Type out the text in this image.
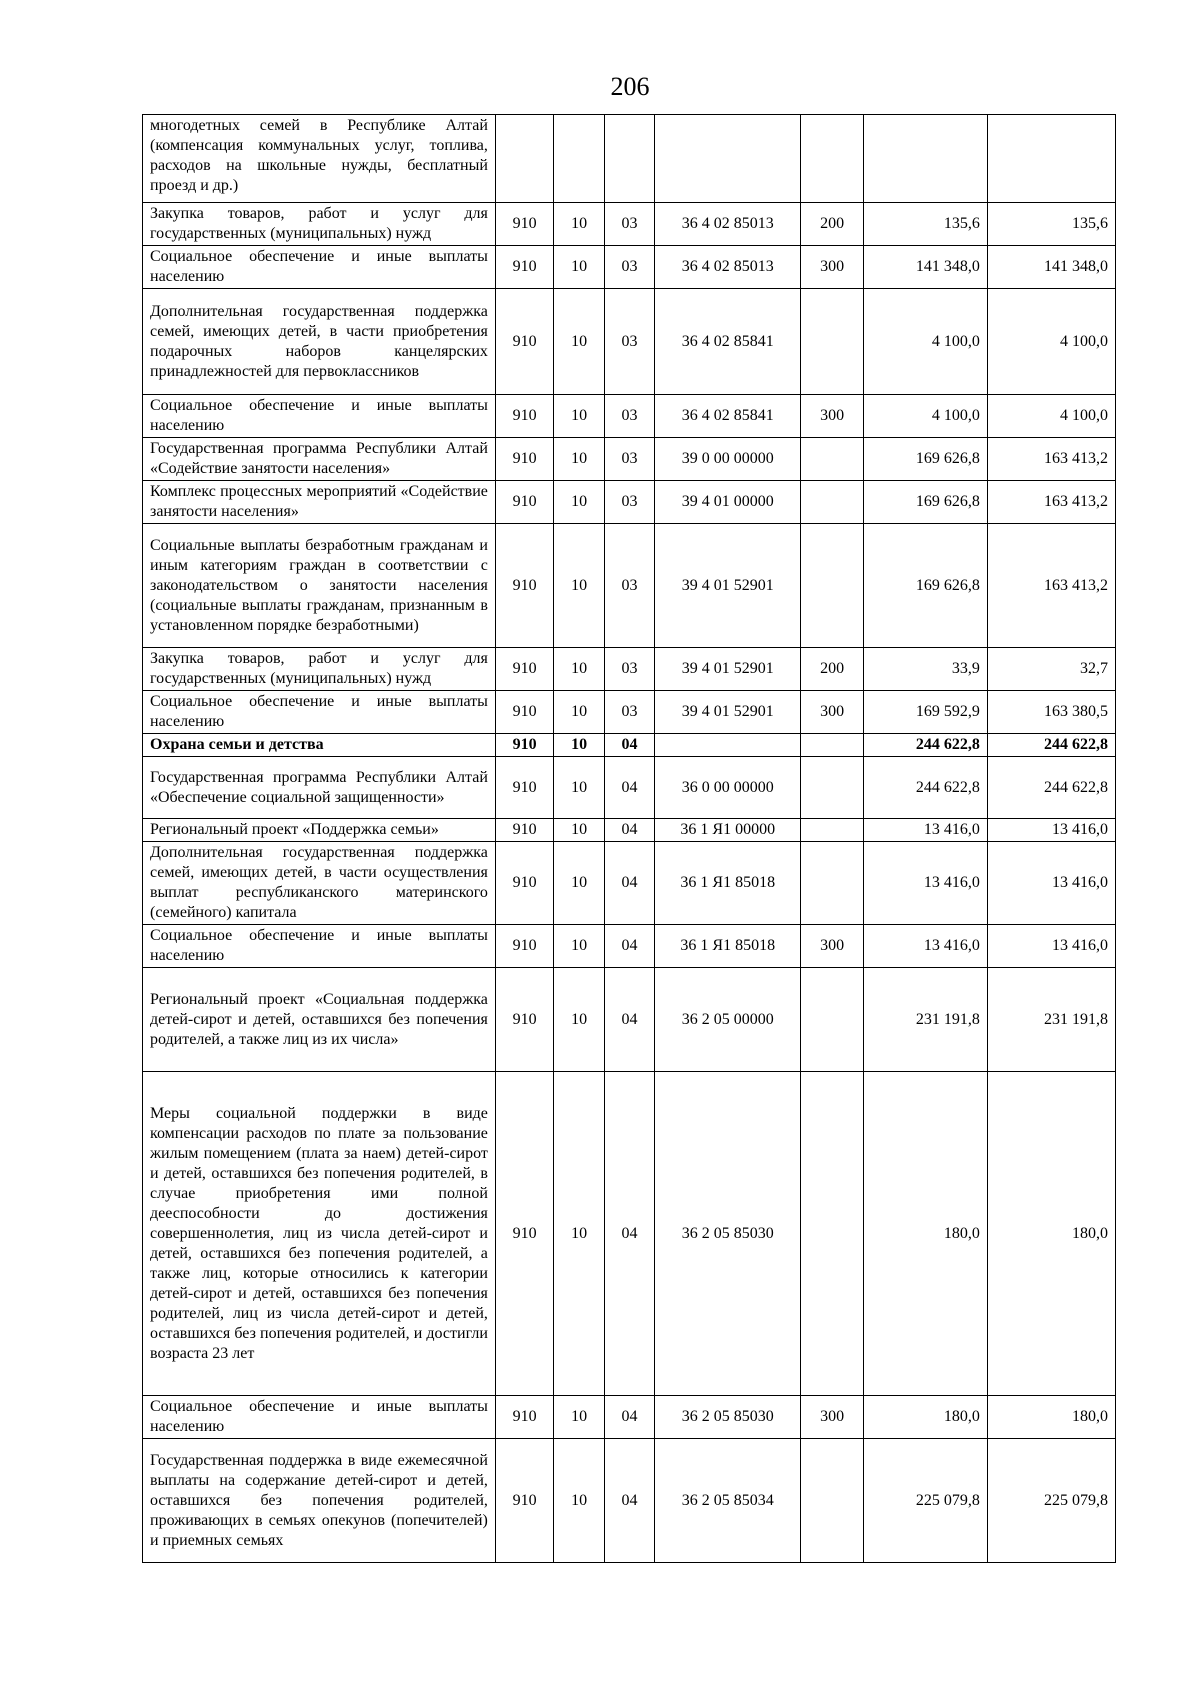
206
многодетных семей в Республике Алтай (компенсация коммунальных услуг, топлива, расходов на школьные нужды, бесплатный проезд и др.)							
Закупка товаров, работ и услуг для государственных (муниципальных) нужд	910	10	03	36 4 02 85013	200	135,6	135,6
Социальное обеспечение и иные выплаты населению	910	10	03	36 4 02 85013	300	141 348,0	141 348,0
Дополнительная государственная поддержка семей, имеющих детей, в части приобретения подарочных наборов канцелярских принадлежностей для первоклассников	910	10	03	36 4 02 85841		4 100,0	4 100,0
Социальное обеспечение и иные выплаты населению	910	10	03	36 4 02 85841	300	4 100,0	4 100,0
Государственная программа Республики Алтай «Содействие занятости населения»	910	10	03	39 0 00 00000		169 626,8	163 413,2
Комплекс процессных мероприятий «Содействие занятости населения»	910	10	03	39 4 01 00000		169 626,8	163 413,2
Социальные выплаты безработным гражданам и иным категориям граждан в соответствии с законодательством о занятости населения (социальные выплаты гражданам, признанным в установленном порядке безработными)	910	10	03	39 4 01 52901		169 626,8	163 413,2
Закупка товаров, работ и услуг для государственных (муниципальных) нужд	910	10	03	39 4 01 52901	200	33,9	32,7
Социальное обеспечение и иные выплаты населению	910	10	03	39 4 01 52901	300	169 592,9	163 380,5
Охрана семьи и детства	910	10	04			244 622,8	244 622,8
Государственная программа Республики Алтай «Обеспечение социальной защищенности»	910	10	04	36 0 00 00000		244 622,8	244 622,8
Региональный проект «Поддержка семьи»	910	10	04	36 1 Я1 00000		13 416,0	13 416,0
Дополнительная государственная поддержка семей, имеющих детей, в части осуществления выплат республиканского материнского (семейного) капитала	910	10	04	36 1 Я1 85018		13 416,0	13 416,0
Социальное обеспечение и иные выплаты населению	910	10	04	36 1 Я1 85018	300	13 416,0	13 416,0
Региональный проект «Социальная поддержка детей-сирот и детей, оставшихся без попечения родителей, а также лиц из их числа»	910	10	04	36 2 05 00000		231 191,8	231 191,8
Меры социальной поддержки в виде компенсации расходов по плате за пользование жилым помещением (плата за наем) детей-сирот и детей, оставшихся без попечения родителей, в случае приобретения ими полной дееспособности до достижения совершеннолетия, лиц из числа детей-сирот и детей, оставшихся без попечения родителей, а также лиц, которые относились к категории детей-сирот и детей, оставшихся без попечения родителей, лиц из числа детей-сирот и детей, оставшихся без попечения родителей, и достигли возраста 23 лет	910	10	04	36 2 05 85030		180,0	180,0
Социальное обеспечение и иные выплаты населению	910	10	04	36 2 05 85030	300	180,0	180,0
Государственная поддержка в виде ежемесячной выплаты на содержание детей-сирот и детей, оставшихся без попечения родителей, проживающих в семьях опекунов (попечителей) и приемных семьях	910	10	04	36 2 05 85034		225 079,8	225 079,8
